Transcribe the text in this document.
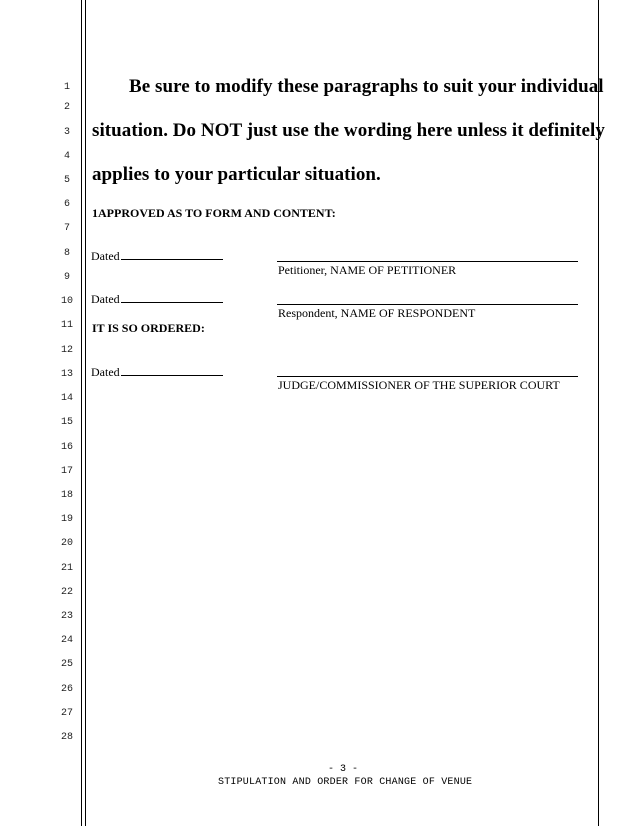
1
2
3
4
5
6
7
8
9
10
11
12
13
14
15
16
17
18
19
20
21
22
23
24
25
26
27
28
Be sure to modify these paragraphs to suit your individual
situation. Do NOT just use the wording here unless it definitely
applies to your particular situation.
1APPROVED AS TO FORM AND CONTENT:
Dated
Petitioner, NAME OF PETITIONER
Dated
Respondent, NAME OF RESPONDENT
IT IS SO ORDERED:
Dated
JUDGE/COMMISSIONER OF THE SUPERIOR COURT
- 3 -
STIPULATION AND ORDER FOR CHANGE OF VENUE
